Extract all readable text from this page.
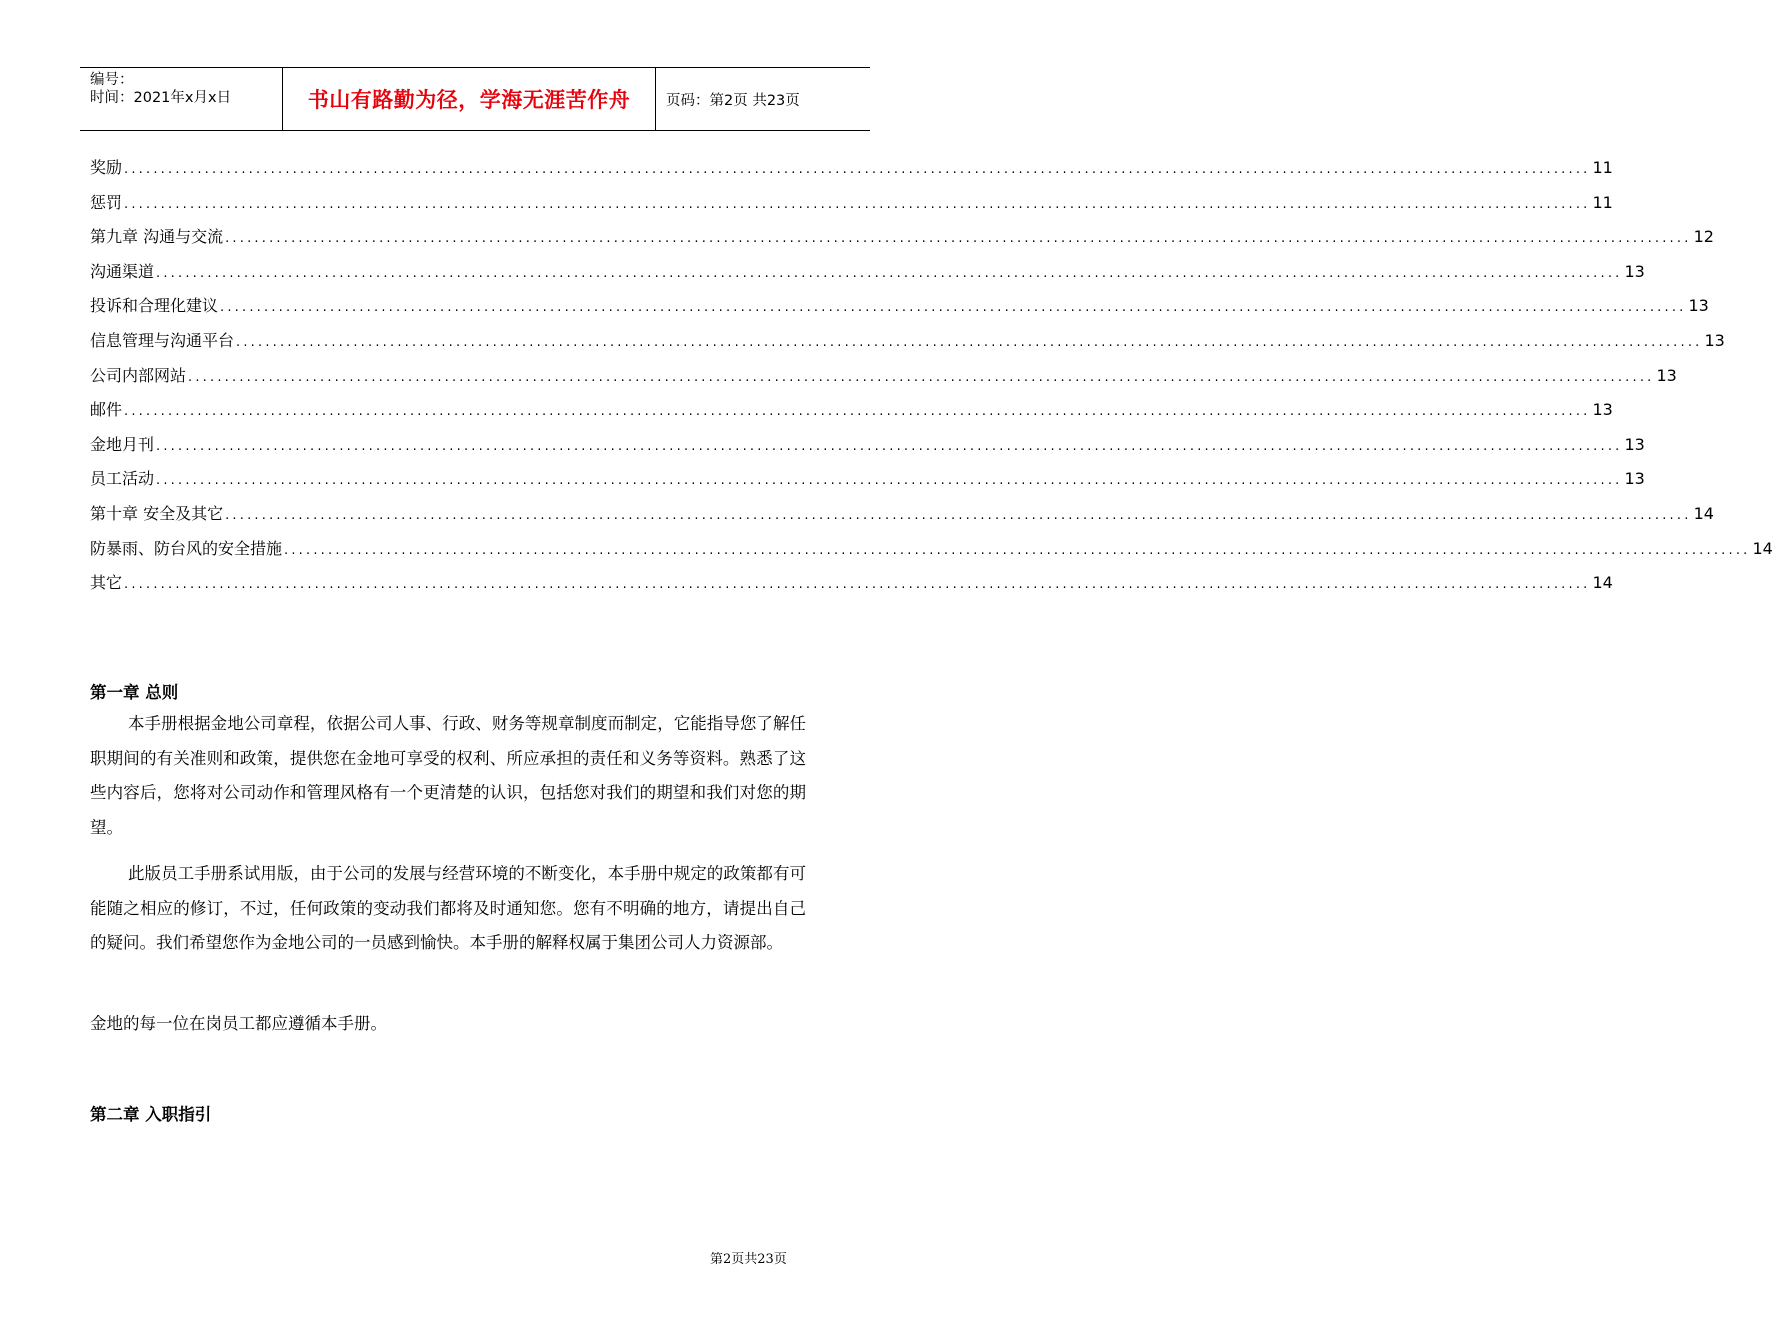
编号：
时间：2021年x月x日	书山有路勤为径，学海无涯苦作舟	页码：第2页 共23页
奖励 ........................................................................................................................................................................................................ 11
惩罚 ........................................................................................................................................................................................................ 11
第九章 沟通与交流 ........................................................................................................................................................................................................ 12
沟通渠道 ........................................................................................................................................................................................................ 13
投诉和合理化建议 ........................................................................................................................................................................................................ 13
信息管理与沟通平台 ........................................................................................................................................................................................................ 13
公司内部网站 ........................................................................................................................................................................................................ 13
邮件 ........................................................................................................................................................................................................ 13
金地月刊 ........................................................................................................................................................................................................ 13
员工活动 ........................................................................................................................................................................................................ 13
第十章 安全及其它 ........................................................................................................................................................................................................ 14
防暴雨、防台风的安全措施 ........................................................................................................................................................................................................ 14
其它 ........................................................................................................................................................................................................ 14
第一章 总则
本手册根据金地公司章程，依据公司人事、行政、财务等规章制度而制定，它能指导您了解任职期间的有关准则和政策，提供您在金地可享受的权利、所应承担的责任和义务等资料。熟悉了这些内容后，您将对公司动作和管理风格有一个更清楚的认识，包括您对我们的期望和我们对您的期望。
此版员工手册系试用版，由于公司的发展与经营环境的不断变化，本手册中规定的政策都有可能随之相应的修订，不过，任何政策的变动我们都将及时通知您。您有不明确的地方，请提出自己的疑问。我们希望您作为金地公司的一员感到愉快。本手册的解释权属于集团公司人力资源部。
金地的每一位在岗员工都应遵循本手册。
第二章 入职指引
第2页共23页
